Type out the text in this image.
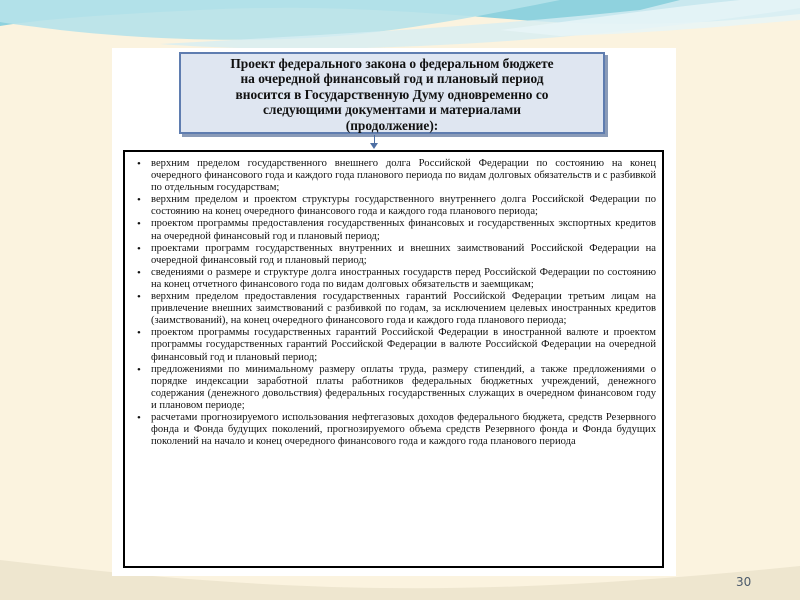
Проект федерального закона о федеральном бюджете
на очередной финансовый год и плановый период
вносится в Государственную Думу одновременно со
следующими документами и материалами
(продолжение):
• верхним пределом государственного внешнего долга Российской Федерации по состоянию на конец очередного финансового года и каждого года планового периода по видам долговых обязательств и с разбивкой по отдельным государствам;
• верхним пределом и проектом структуры государственного внутреннего долга Российской Федерации по состоянию на конец очередного финансового года и каждого года планового периода;
• проектом программы предоставления государственных финансовых и государственных экспортных кредитов на очередной финансовый год и плановый период;
• проектами программ государственных внутренних и внешних заимствований Российской Федерации на очередной финансовый год и плановый период;
• сведениями о размере и структуре долга иностранных государств перед Российской Федерации по состоянию на конец отчетного финансового года по видам долговых обязательств и заемщикам;
• верхним пределом предоставления государственных гарантий Российской Федерации третьим лицам на привлечение внешних заимствований с разбивкой по годам, за исключением целевых иностранных кредитов (заимствований), на конец очередного финансового года и каждого года планового периода;
• проектом программы государственных гарантий Российской Федерации в иностранной валюте и проектом программы государственных гарантий Российской Федерации в валюте Российской Федерации на очередной финансовый год и плановый период;
• предложениями по минимальному размеру оплаты труда, размеру стипендий, а также предложениями о порядке индексации заработной платы работников федеральных бюджетных учреждений, денежного содержания (денежного довольствия) федеральных государственных служащих в очередном финансовом году и плановом периоде;
• расчетами прогнозируемого использования нефтегазовых доходов федерального бюджета, средств Резервного фонда и Фонда будущих поколений, прогнозируемого объема средств Резервного фонда и Фонда будущих поколений на начало и конец очередного финансового года и каждого года планового периода
30
